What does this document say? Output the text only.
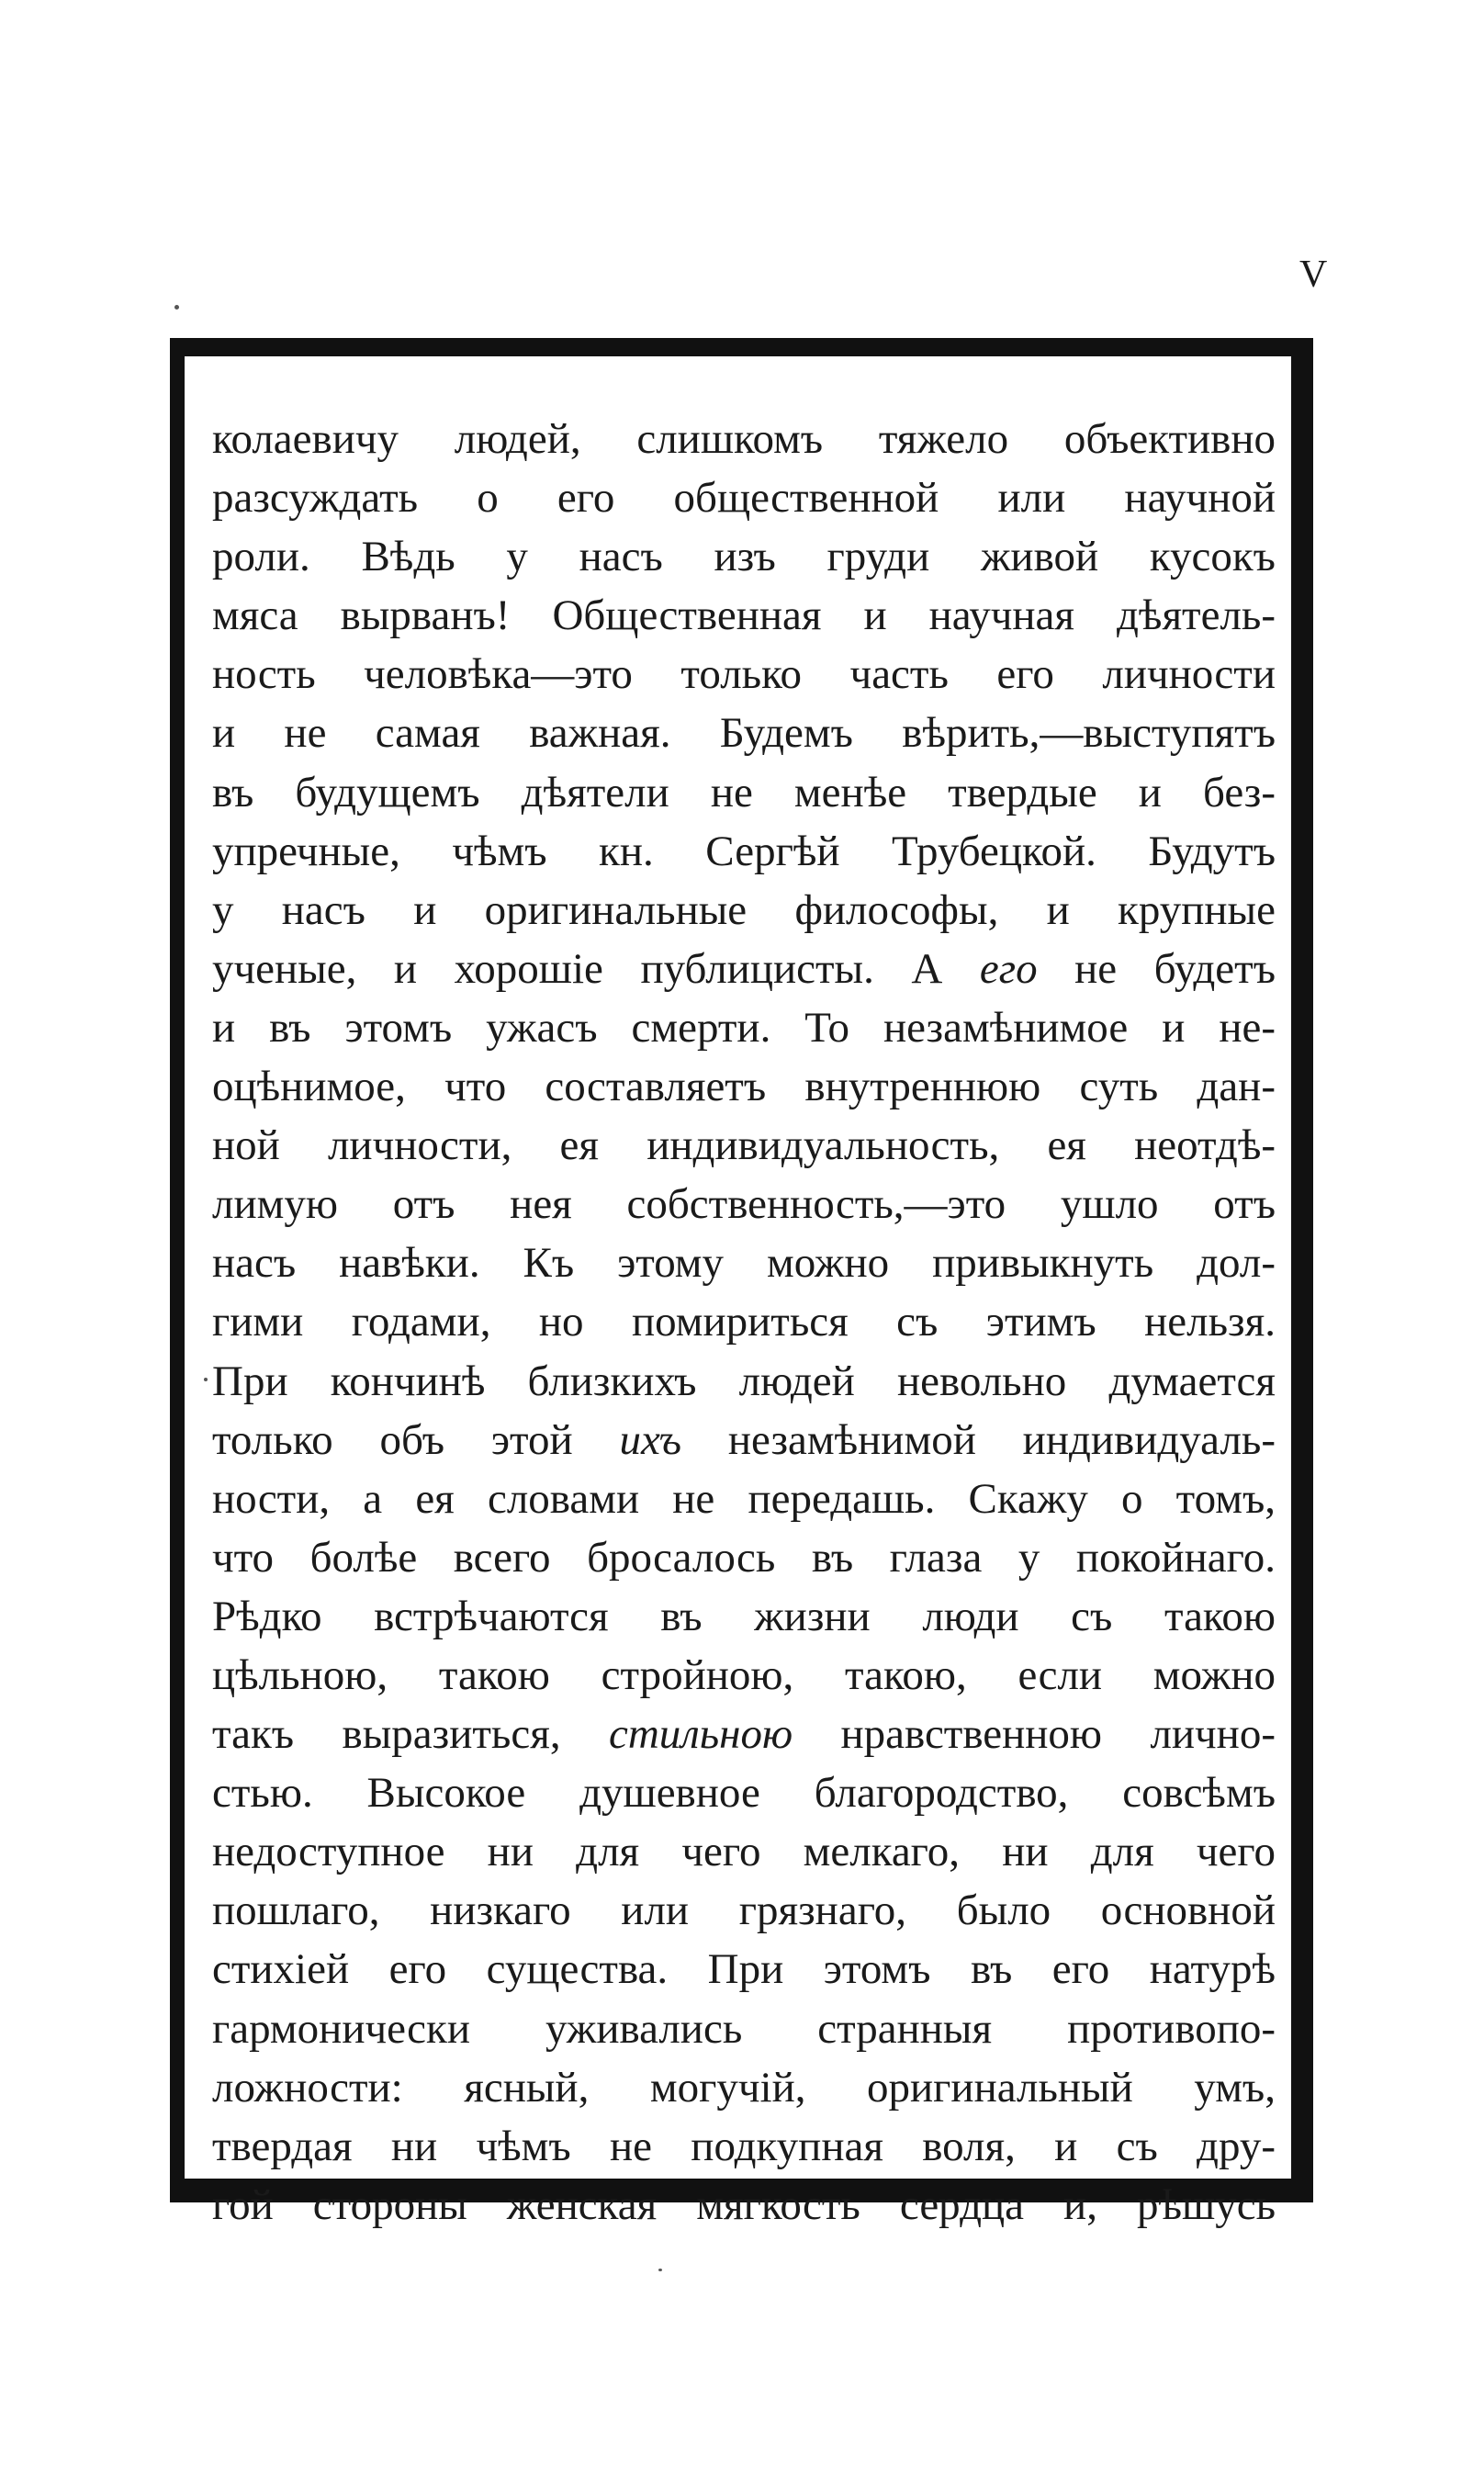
V
колаевичу людей, слишкомъ тяжело объективно
разсуждать о его общественной или научной
роли. Вѣдь у насъ изъ груди живой кусокъ
мяса вырванъ! Общественная и научная дѣятель-
ность человѣка—это только часть его личности
и не самая важная. Будемъ вѣрить,—выступятъ
въ будущемъ дѣятели не менѣе твердые и без-
упречные, чѣмъ кн. Сергѣй Трубецкой. Будутъ
у насъ и оригинальные философы, и крупные
ученые, и хорошіе публицисты. А его не будетъ
и въ этомъ ужасъ смерти. То незамѣнимое и не-
оцѣнимое, что составляетъ внутреннюю суть дан-
ной личности, ея индивидуальность, ея неотдѣ-
лимую отъ нея собственность,—это ушло отъ
насъ навѣки. Къ этому можно привыкнуть дол-
гими годами, но помириться съ этимъ нельзя.
При кончинѣ близкихъ людей невольно думается
только объ этой ихъ незамѣнимой индивидуаль-
ности, а ея словами не передашь. Скажу о томъ,
что болѣе всего бросалось въ глаза у покойнаго.
Рѣдко встрѣчаются въ жизни люди съ такою
цѣльною, такою стройною, такою, если можно
такъ выразиться, стильною нравственною лично-
стью. Высокое душевное благородство, совсѣмъ
недоступное ни для чего мелкаго, ни для чего
пошлаго, низкаго или грязнаго, было основной
стихіей его существа. При этомъ въ его натурѣ
гармонически уживались странныя противопо-
ложности: ясный, могучій, оригинальный умъ,
твердая ни чѣмъ не подкупная воля, и съ дру-
гой стороны женская мягкость сердца и, рѣшусь
